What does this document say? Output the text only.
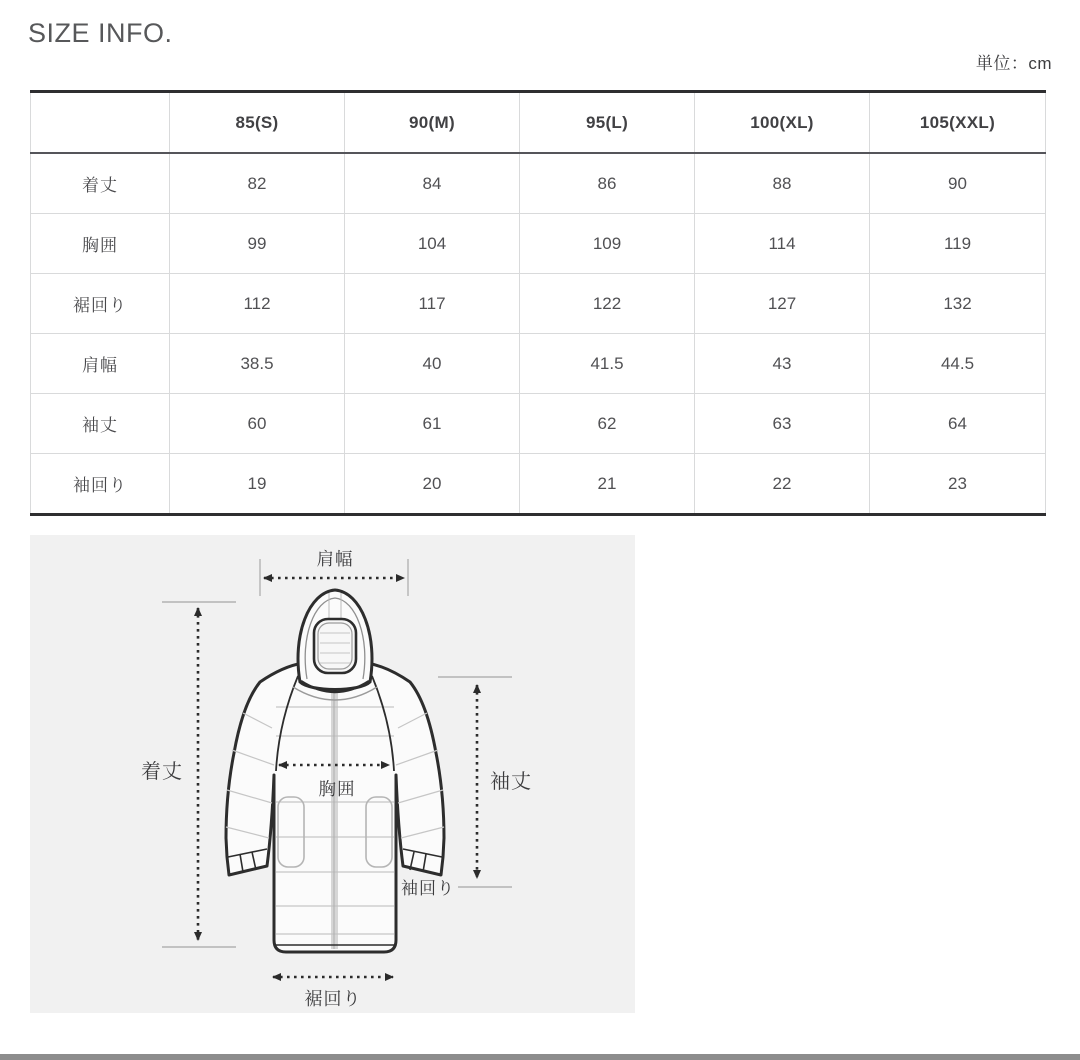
SIZE INFO.
単位：cm
	85(S)	90(M)	95(L)	100(XL)	105(XXL)
着丈	82	84	86	88	90
胸囲	99	104	109	114	119
裾回り	112	117	122	127	132
肩幅	38.5	40	41.5	43	44.5
袖丈	60	61	62	63	64
袖回り	19	20	21	22	23
肩幅
着丈
胸囲	袖丈
袖回り
裾回り
